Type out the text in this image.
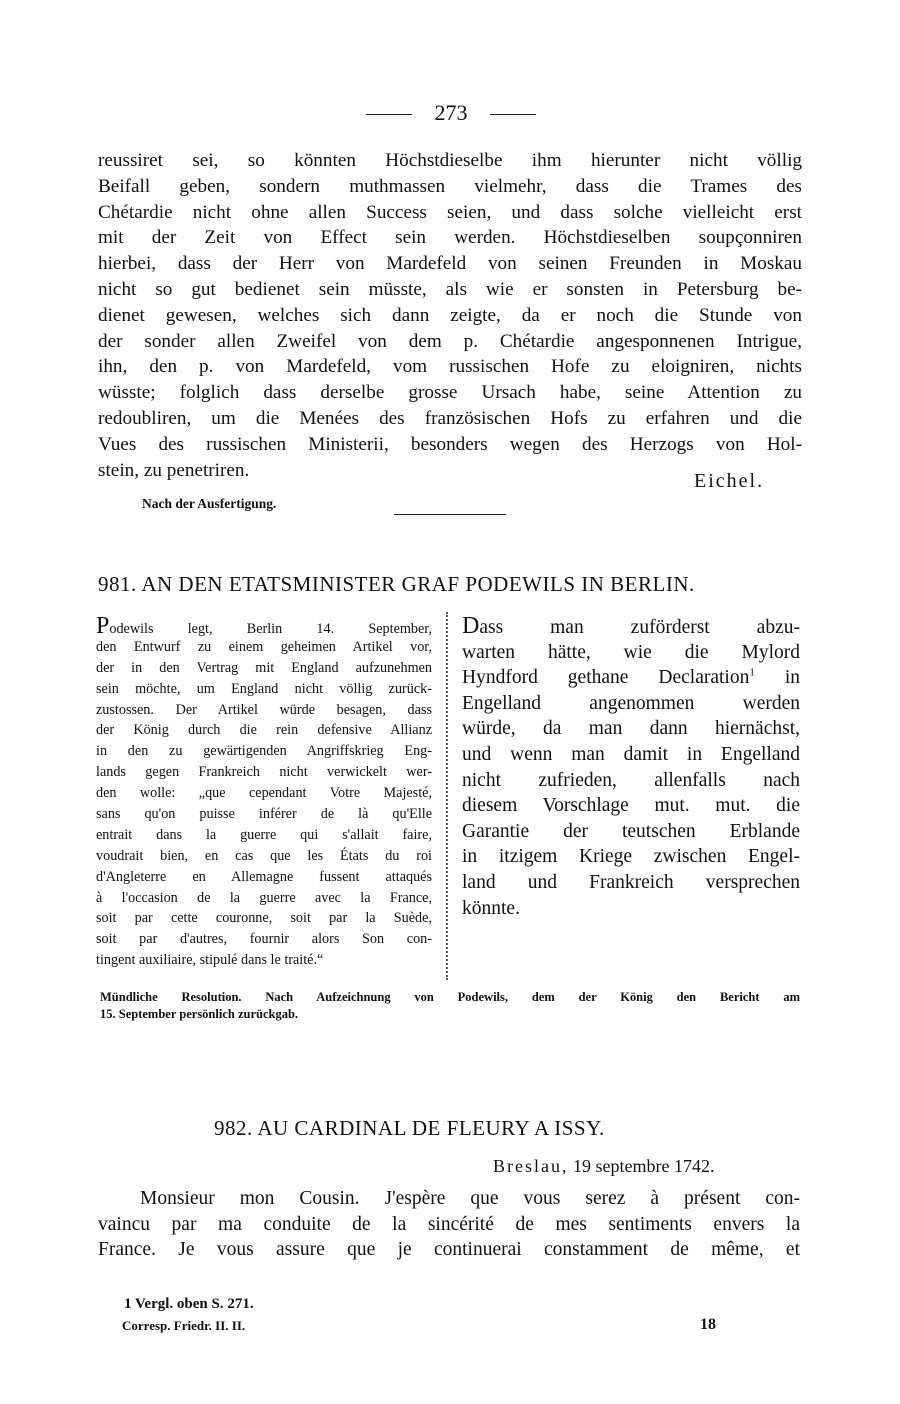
273
reussiret sei, so könnten Höchstdieselbe ihm hierunter nicht völlig
Beifall geben, sondern muthmassen vielmehr, dass die Trames des
Chétardie nicht ohne allen Success seien, und dass solche vielleicht erst
mit der Zeit von Effect sein werden. Höchstdieselben soupçonniren
hierbei, dass der Herr von Mardefeld von seinen Freunden in Moskau
nicht so gut bedienet sein müsste, als wie er sonsten in Petersburg be-
dienet gewesen, welches sich dann zeigte, da er noch die Stunde von
der sonder allen Zweifel von dem p. Chétardie angesponnenen Intrigue,
ihn, den p. von Mardefeld, vom russischen Hofe zu eloigniren, nichts
wüsste; folglich dass derselbe grosse Ursach habe, seine Attention zu
redoubliren, um die Menées des französischen Hofs zu erfahren und die
Vues des russischen Ministerii, besonders wegen des Herzogs von Hol-
stein, zu penetriren.	Eichel.
Nach der Ausfertigung.
981. AN DEN ETATSMINISTER GRAF PODEWILS IN BERLIN.
Podewils legt, Berlin 14. September,
den Entwurf zu einem geheimen Artikel vor,
der in den Vertrag mit England aufzunehmen
sein möchte, um England nicht völlig zurück-
zustossen. Der Artikel würde besagen, dass
der König durch die rein defensive Allianz
in den zu gewärtigenden Angriffskrieg Eng-
lands gegen Frankreich nicht verwickelt wer-
den wolle: „que cependant Votre Majesté,
sans qu'on puisse inférer de là qu'Elle
entrait dans la guerre qui s'allait faire,
voudrait bien, en cas que les États du roi
d'Angleterre en Allemagne fussent attaqués
à l'occasion de la guerre avec la France,
soit par cette couronne, soit par la Suède,
soit par d'autres, fournir alors Son con-
tingent auxiliaire, stipulé dans le traité.“
Dass man zuförderst abzu-
warten hätte, wie die Mylord
Hyndford gethane Declaration$^1$ in
Engelland angenommen werden
würde, da man dann hiernächst,
und wenn man damit in Engelland
nicht zufrieden, allenfalls nach
diesem Vorschlage mut. mut. die
Garantie der teutschen Erblande
in itzigem Kriege zwischen Engel-
land und Frankreich versprechen
könnte.
Mündliche Resolution. Nach Aufzeichnung von Podewils, dem der König den Bericht am
15. September persönlich zurückgab.
982. AU CARDINAL DE FLEURY A ISSY.
Breslau, 19 septembre 1742.
Monsieur mon Cousin. J'espère que vous serez à présent con-
vaincu par ma conduite de la sincérité de mes sentiments envers la
France. Je vous assure que je continuerai constamment de même, et
1 Vergl. oben S. 271.
Corresp. Friedr. II. II.	18
